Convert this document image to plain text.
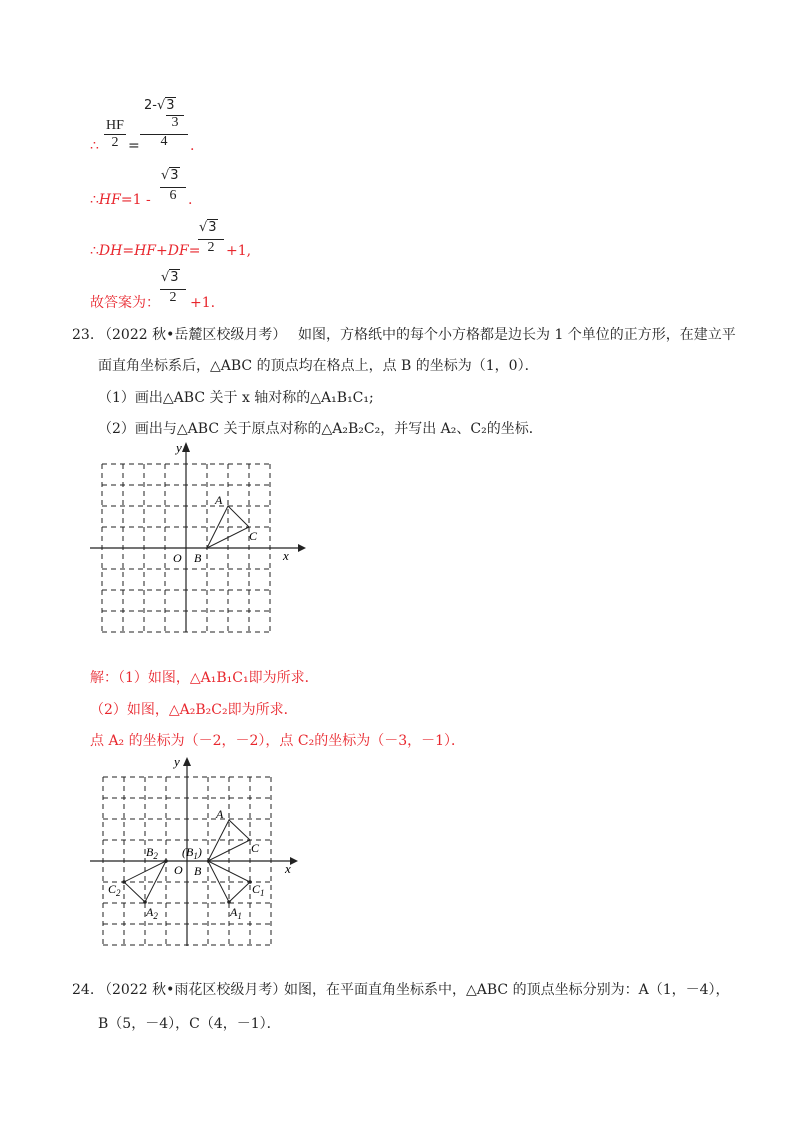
∴ $\frac{HF}{2}$ =
2-√3
3
4	.
∴HF=1 -
√3
6 .
∴DH=HF+DF=
√3
2 +1,
故答案为：
√3
2 +1.
23. （2022 秋•岳麓区校级月考） 如图，方格纸中的每个小方格都是边长为 1 个单位的正方形，在建立平
面直角坐标系后，△ABC 的顶点均在格点上，点 B 的坐标为（1，0）．
（1）画出△ABC 关于 x 轴对称的△A₁B₁C₁;
（2）画出与△ABC 关于原点对称的△A₂B₂C₂，并写出 A₂、C₂的坐标．
y
x
O B
A
C
解：（1）如图，△A₁B₁C₁即为所求．
（2）如图，△A₂B₂C₂即为所求．
点 A₂ 的坐标为（－2，－2），点 C₂的坐标为（－3，－1）．
y
x
O B
A
C
$(B_1)$
$C_1$
$A_1$
$B_2$
$C_2$
$A_2$
24. （2022 秋•雨花区校级月考）
如图，在平面直角坐标系中，△ABC 的顶点坐标分别为：A（1，－4），
B（5，－4），C（4，－1）．
